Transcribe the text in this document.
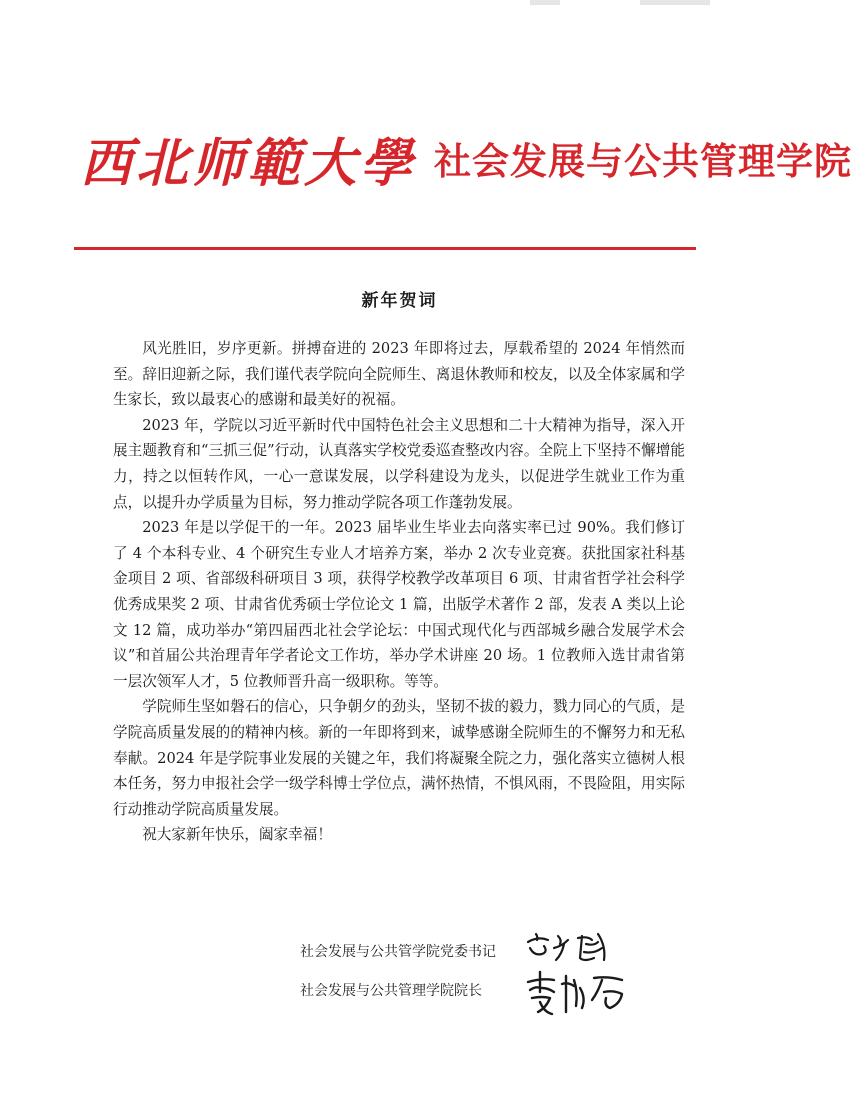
西北师範大學 社会发展与公共管理学院
新年贺词

风光胜旧，岁序更新。拼搏奋进的 2023 年即将过去，厚载希望的 2024 年悄然而至。辞旧迎新之际，我们谨代表学院向全院师生、离退休教师和校友，以及全体家属和学生家长，致以最衷心的感谢和最美好的祝福。

2023 年，学院以习近平新时代中国特色社会主义思想和二十大精神为指导，深入开展主题教育和“三抓三促”行动，认真落实学校党委巡查整改内容。全院上下坚持不懈增能力，持之以恒转作风，一心一意谋发展，以学科建设为龙头，以促进学生就业工作为重点，以提升办学质量为目标，努力推动学院各项工作蓬勃发展。

2023 年是以学促干的一年。2023 届毕业生毕业去向落实率已过 90%。我们修订了 4 个本科专业、4 个研究生专业人才培养方案，举办 2 次专业竞赛。获批国家社科基金项目 2 项、省部级科研项目 3 项，获得学校教学改革项目 6 项、甘肃省哲学社会科学优秀成果奖 2 项、甘肃省优秀硕士学位论文 1 篇，出版学术著作 2 部，发表 A 类以上论文 12 篇，成功举办“第四届西北社会学论坛：中国式现代化与西部城乡融合发展学术会议”和首届公共治理青年学者论文工作坊，举办学术讲座 20 场。1 位教师入选甘肃省第一层次领军人才，5 位教师晋升高一级职称。等等。

学院师生坚如磐石的信心，只争朝夕的劲头，坚韧不拔的毅力，戮力同心的气质，是学院高质量发展的的精神内核。新的一年即将到来，诚挚感谢全院师生的不懈努力和无私奉献。2024 年是学院事业发展的关键之年，我们将凝聚全院之力，强化落实立德树人根本任务，努力申报社会学一级学科博士学位点，满怀热情，不惧风雨，不畏险阻，用实际行动推动学院高质量发展。

祝大家新年快乐，阖家幸福！

社会发展与公共管学院党委书记
社会发展与公共管理学院院长
